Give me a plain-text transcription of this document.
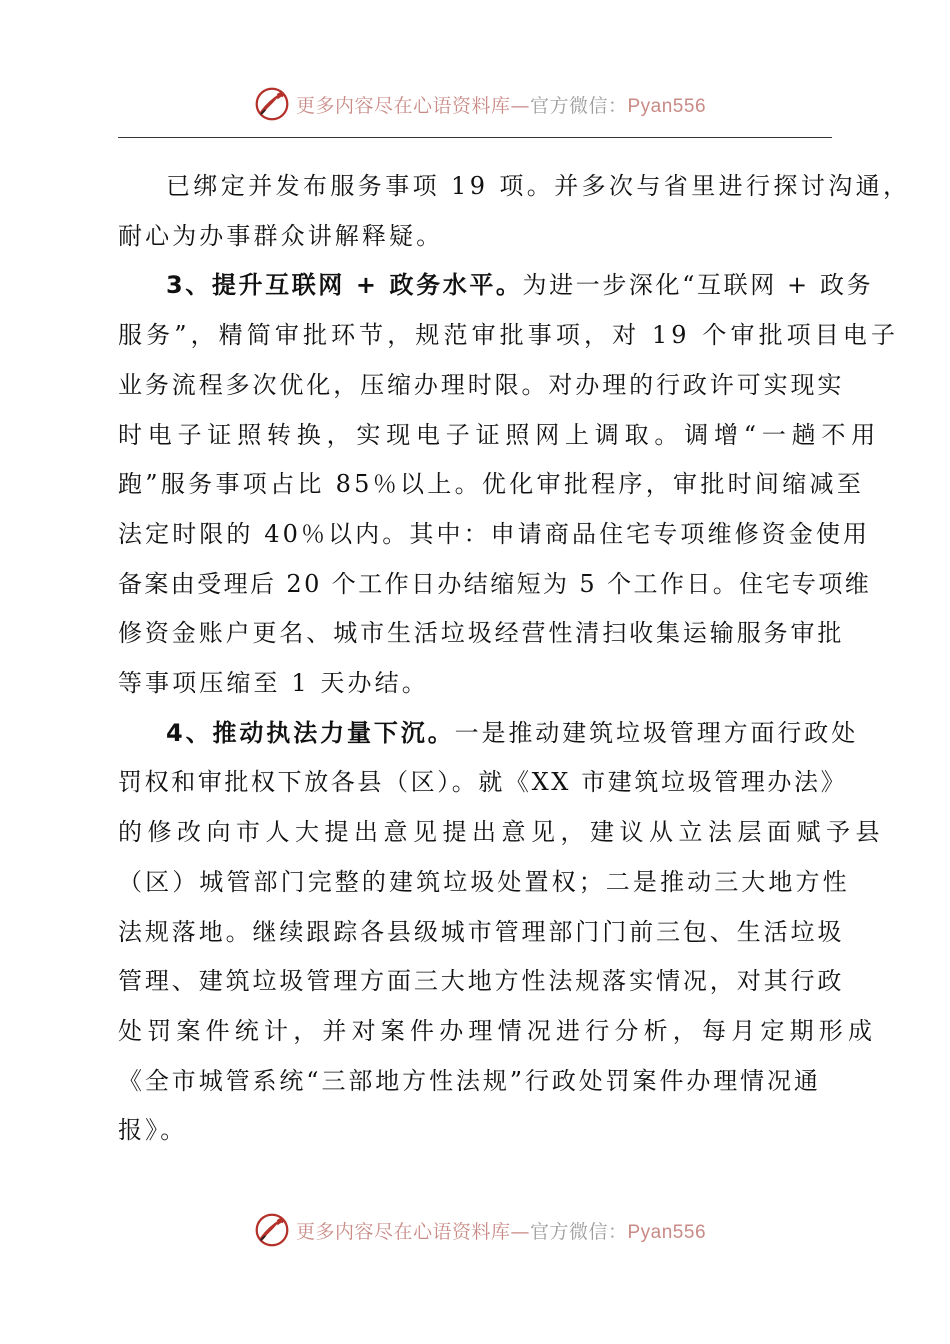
更多内容尽在心语资料库—官方微信：Pyan556

已绑定并发布服务事项 19 项。并多次与省里进行探讨沟通，

耐心为办事群众讲解释疑。

3、提升互联网 + 政务水平。为进一步深化“互联网 + 政务

服务”，精简审批环节，规范审批事项，对 19 个审批项目电子
业务流程多次优化，压缩办理时限。对办理的行政许可实现实
时电子证照转换，实现电子证照网上调取。调增“一趟不用
跑”服务事项占比 85％以上。优化审批程序，审批时间缩减至
法定时限的 40％以内。其中：申请商品住宅专项维修资金使用
备案由受理后 20 个工作日办结缩短为 5 个工作日。住宅专项维
修资金账户更名、城市生活垃圾经营性清扫收集运输服务审批
等事项压缩至 1 天办结。

4、推动执法力量下沉。一是推动建筑垃圾管理方面行政处

罚权和审批权下放各县（区）。就《XX 市建筑垃圾管理办法》
的修改向市人大提出意见提出意见，建议从立法层面赋予县
（区）城管部门完整的建筑垃圾处置权；二是推动三大地方性
法规落地。继续跟踪各县级城市管理部门门前三包、生活垃圾
管理、建筑垃圾管理方面三大地方性法规落实情况，对其行政
处罚案件统计，并对案件办理情况进行分析，每月定期形成
《全市城管系统“三部地方性法规”行政处罚案件办理情况通
报》。

更多内容尽在心语资料库—官方微信：Pyan556
